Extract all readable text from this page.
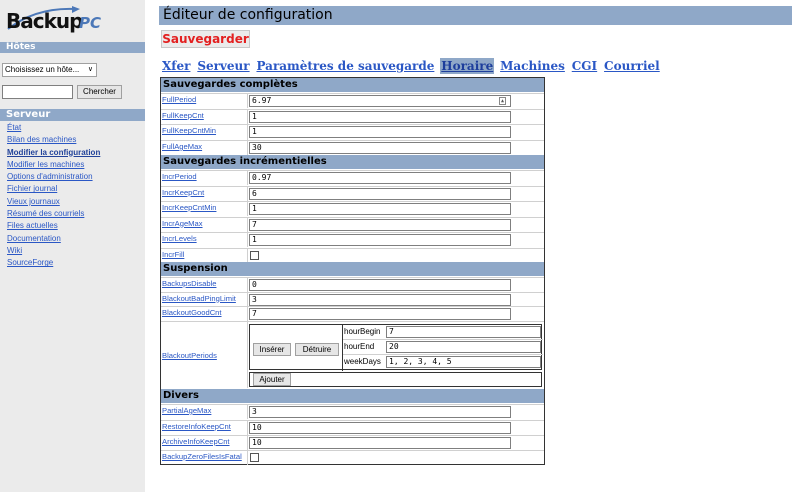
Backup
PC
Hôtes
Choisissez un hôte... ∨
Chercher
Serveur
État
Bilan des machines
Modifier la configuration
Modifier les machines
Options d'administration
Fichier journal
Vieux journaux
Résumé des courriels
Files actuelles
Documentation
Wiki
SourceForge
Éditeur de configuration
Sauvegarder
Xfer Serveur Paramètres de sauvegarde Horaire Machines CGI Courriel
Sauvegardes complètes
FullPeriod	6.97	▲
FullKeepCnt	1
FullKeepCntMin	1
FullAgeMax	30
Sauvegardes incrémentielles
IncrPeriod	0.97
IncrKeepCnt	6
IncrKeepCntMin	1
IncrAgeMax	7
IncrLevels	1
IncrFill
Suspension
BackupsDisable	0
BlackoutBadPingLimit	3
BlackoutGoodCnt	7
BlackoutPeriods
Insérer	Détruire
hourBegin	7
hourEnd	20
weekDays	1, 2, 3, 4, 5
Ajouter
Divers
PartialAgeMax	3
RestoreInfoKeepCnt	10
ArchiveInfoKeepCnt	10
BackupZeroFilesIsFatal
